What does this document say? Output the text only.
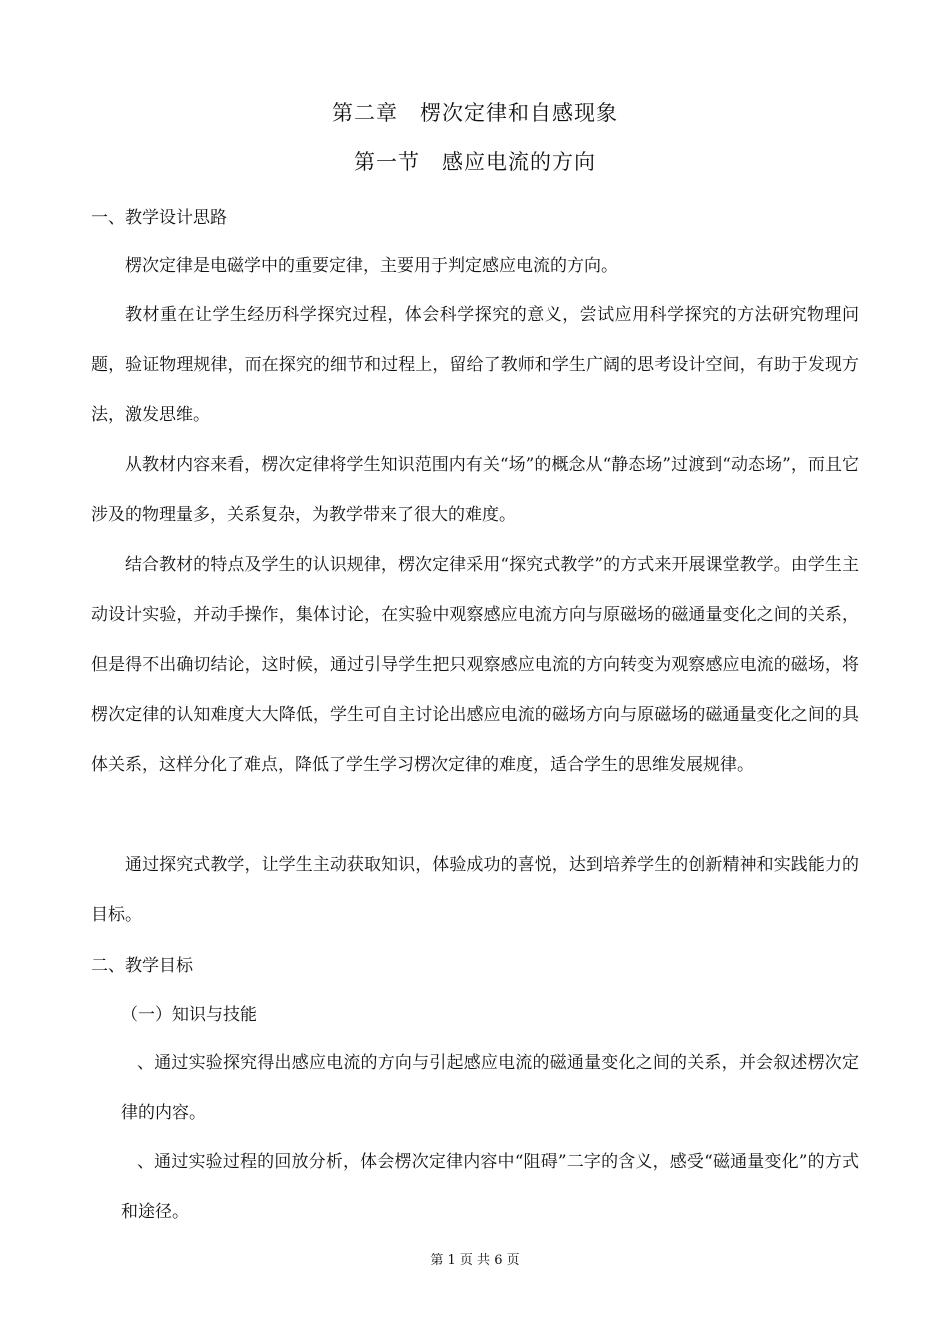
第二章　楞次定律和自感现象
第一节　感应电流的方向
一、教学设计思路

楞次定律是电磁学中的重要定律，主要用于判定感应电流的方向。

教材重在让学生经历科学探究过程，体会科学探究的意义，尝试应用科学探究的方法研究物理问题，验证物理规律，而在探究的细节和过程上，留给了教师和学生广阔的思考设计空间，有助于发现方法，激发思维。

从教材内容来看，楞次定律将学生知识范围内有关“场”的概念从“静态场”过渡到“动态场”，而且它涉及的物理量多，关系复杂，为教学带来了很大的难度。

结合教材的特点及学生的认识规律，楞次定律采用“探究式教学”的方式来开展课堂教学。由学生主动设计实验，并动手操作，集体讨论，在实验中观察感应电流方向与原磁场的磁通量变化之间的关系，但是得不出确切结论，这时候，通过引导学生把只观察感应电流的方向转变为观察感应电流的磁场，将楞次定律的认知难度大大降低，学生可自主讨论出感应电流的磁场方向与原磁场的磁通量变化之间的具体关系，这样分化了难点，降低了学生学习楞次定律的难度，适合学生的思维发展规律。

通过探究式教学，让学生主动获取知识，体验成功的喜悦，达到培养学生的创新精神和实践能力的目标。

二、教学目标
（一）知识与技能

、通过实验探究得出感应电流的方向与引起感应电流的磁通量变化之间的关系，并会叙述楞次定律的内容。

、通过实验过程的回放分析，体会楞次定律内容中“阻碍”二字的含义，感受“磁通量变化”的方式和途径。

第 1 页 共 6 页
